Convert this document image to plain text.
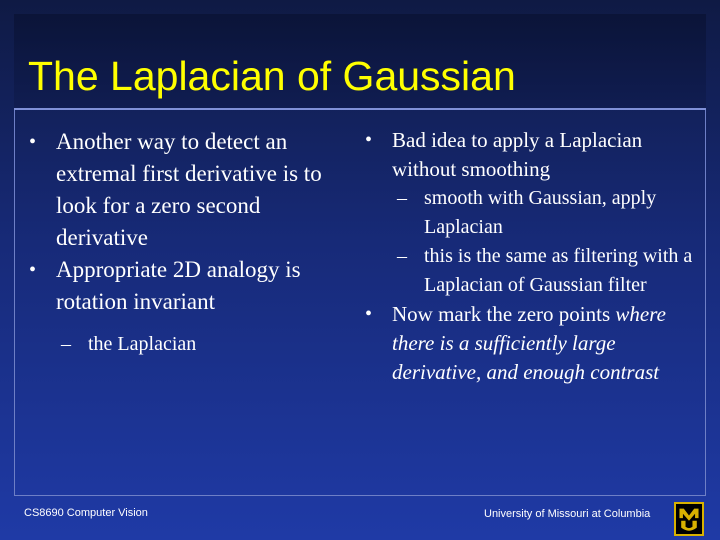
The Laplacian of Gaussian
• Another way to detect an extremal first derivative is to look for a zero second derivative
• Appropriate 2D analogy is rotation invariant
– the Laplacian
• Bad idea to apply a Laplacian without smoothing
– smooth with Gaussian, apply Laplacian
– this is the same as filtering with a Laplacian of Gaussian filter
• Now mark the zero points where there is a sufficiently large derivative, and enough contrast
CS8690 Computer Vision	University of Missouri at Columbia
